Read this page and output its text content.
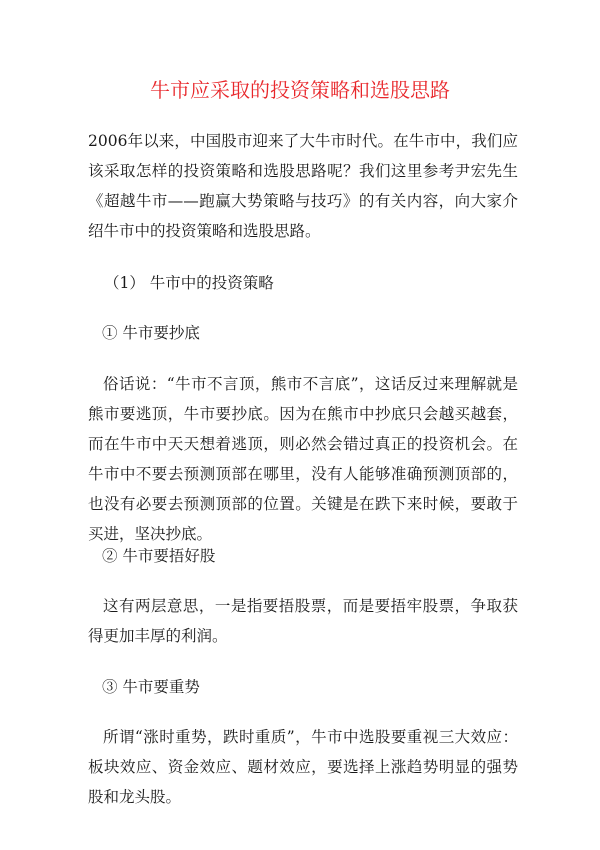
牛市应采取的投资策略和选股思路

2006年以来，中国股市迎来了大牛市时代。在牛市中，我们应该采取怎样的投资策略和选股思路呢？我们这里参考尹宏先生《超越牛市——跑赢大势策略与技巧》的有关内容，向大家介绍牛市中的投资策略和选股思路。

（1） 牛市中的投资策略

① 牛市要抄底

俗话说：“牛市不言顶，熊市不言底”，这话反过来理解就是熊市要逃顶，牛市要抄底。因为在熊市中抄底只会越买越套，而在牛市中天天想着逃顶，则必然会错过真正的投资机会。在牛市中不要去预测顶部在哪里，没有人能够准确预测顶部的，也没有必要去预测顶部的位置。关键是在跌下来时候，要敢于买进，坚决抄底。

② 牛市要捂好股

这有两层意思，一是指要捂股票，而是要捂牢股票，争取获得更加丰厚的利润。

③ 牛市要重势

所谓“涨时重势，跌时重质”，牛市中选股要重视三大效应：板块效应、资金效应、题材效应，要选择上涨趋势明显的强势股和龙头股。
